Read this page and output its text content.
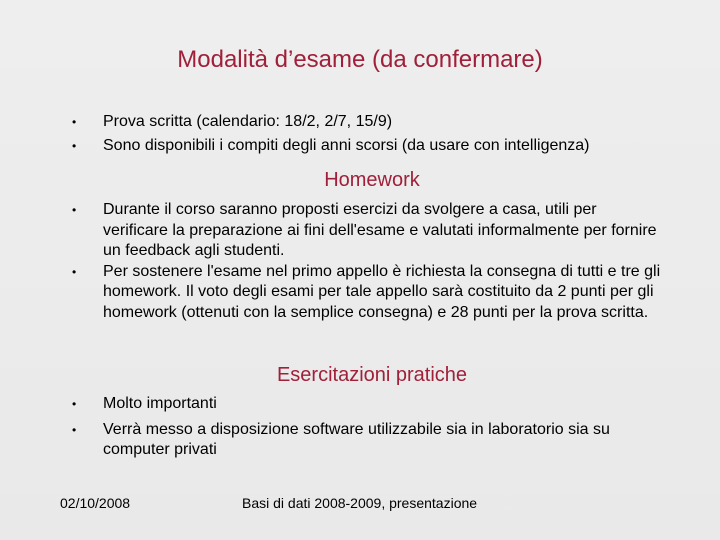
Modalità d’esame (da confermare)
• Prova scritta (calendario: 18/2, 2/7, 15/9)
• Sono disponibili i compiti degli anni scorsi (da usare con intelligenza)
Homework
• Durante il corso saranno proposti esercizi da svolgere a casa, utili per verificare la preparazione ai fini dell'esame e valutati informalmente per fornire un feedback agli studenti.
• Per sostenere l'esame nel primo appello è richiesta la consegna di tutti e tre gli homework. Il voto degli esami per tale appello sarà costituito da 2 punti per gli homework (ottenuti con la semplice consegna) e 28 punti per la prova scritta.
Esercitazioni pratiche
• Molto importanti
• Verrà messo a disposizione software utilizzabile sia in laboratorio sia su computer privati
02/10/2008	Basi di dati 2008-2009, presentazione
